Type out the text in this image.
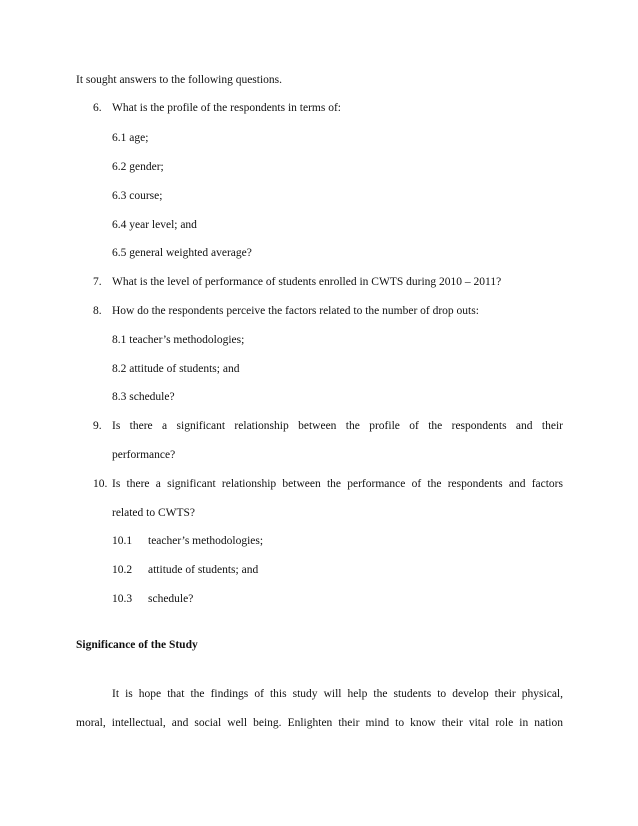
It sought answers to the following questions.
6. What is the profile of the respondents in terms of:
6.1 age;
6.2 gender;
6.3 course;
6.4 year level; and
6.5 general weighted average?
7. What is the level of performance of students enrolled in CWTS during 2010 – 2011?
8. How do the respondents perceive the factors related to the number of drop outs:
8.1 teacher’s methodologies;
8.2 attitude of students; and
8.3 schedule?
9. Is there a significant relationship between the profile of the respondents and their
performance?
10. Is there a significant relationship between the performance of the respondents and factors
related to CWTS?
10.1 teacher’s methodologies;
10.2 attitude of students; and
10.3 schedule?
Significance of the Study
It is hope that the findings of this study will help the students to develop their physical,
moral, intellectual, and social well being. Enlighten their mind to know their vital role in nation
